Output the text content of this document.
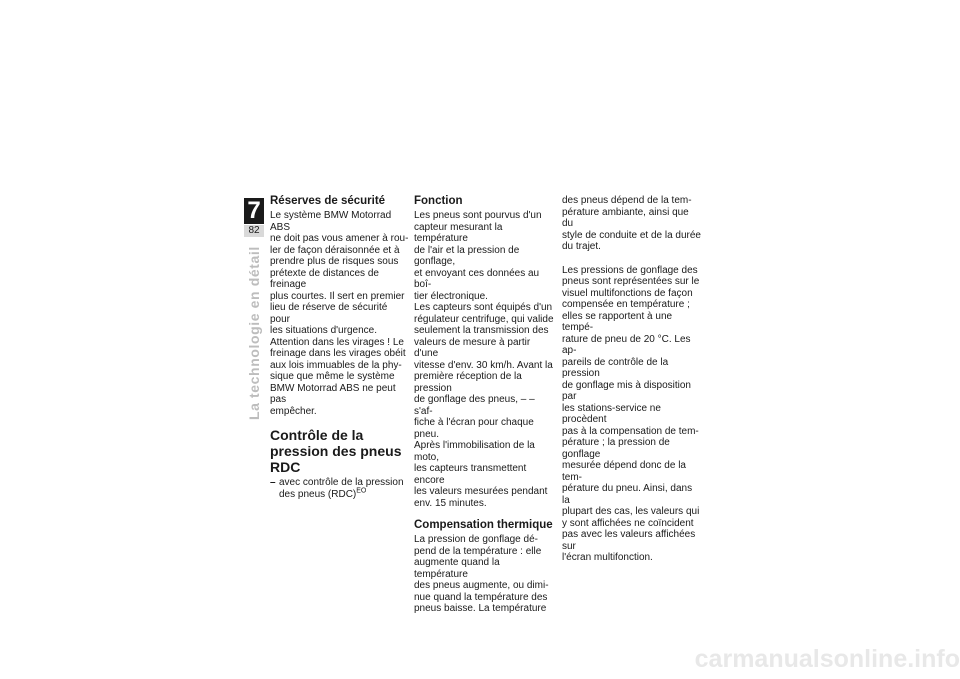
7
82
La technologie en détail
Réserves de sécurité

Le système BMW Motorrad ABS
ne doit pas vous amener à rou-
ler de façon déraisonnée et à
prendre plus de risques sous
prétexte de distances de freinage
plus courtes. Il sert en premier
lieu de réserve de sécurité pour
les situations d'urgence.
Attention dans les virages ! Le
freinage dans les virages obéit
aux lois immuables de la phy-
sique que même le système
BMW Motorrad ABS ne peut pas
empêcher.

Contrôle de la pression des pneus RDC
– avec contrôle de la pression
des pneus (RDC)$^{EO}$
Fonction

Les pneus sont pourvus d'un
capteur mesurant la température
de l'air et la pression de gonflage,
et envoyant ces données au boî-
tier électronique.
Les capteurs sont équipés d'un
régulateur centrifuge, qui valide
seulement la transmission des
valeurs de mesure à partir d'une
vitesse d'env. 30 km/h. Avant la
première réception de la pression
de gonflage des pneus, – – s'af-
fiche à l'écran pour chaque pneu.
Après l'immobilisation de la moto,
les capteurs transmettent encore
les valeurs mesurées pendant
env. 15 minutes.

Compensation thermique

La pression de gonflage dé-
pend de la température : elle
augmente quand la température
des pneus augmente, ou dimi-
nue quand la température des
pneus baisse. La température

des pneus dépend de la tem-
pérature ambiante, ainsi que du
style de conduite et de la durée
du trajet.

Les pressions de gonflage des
pneus sont représentées sur le
visuel multifonctions de façon
compensée en température ;
elles se rapportent à une tempé-
rature de pneu de 20 °C. Les ap-
pareils de contrôle de la pression
de gonflage mis à disposition par
les stations-service ne procèdent
pas à la compensation de tem-
pérature ; la pression de gonflage
mesurée dépend donc de la tem-
pérature du pneu. Ainsi, dans la
plupart des cas, les valeurs qui
y sont affichées ne coïncident
pas avec les valeurs affichées sur
l'écran multifonction.

carmanualsonline.info
